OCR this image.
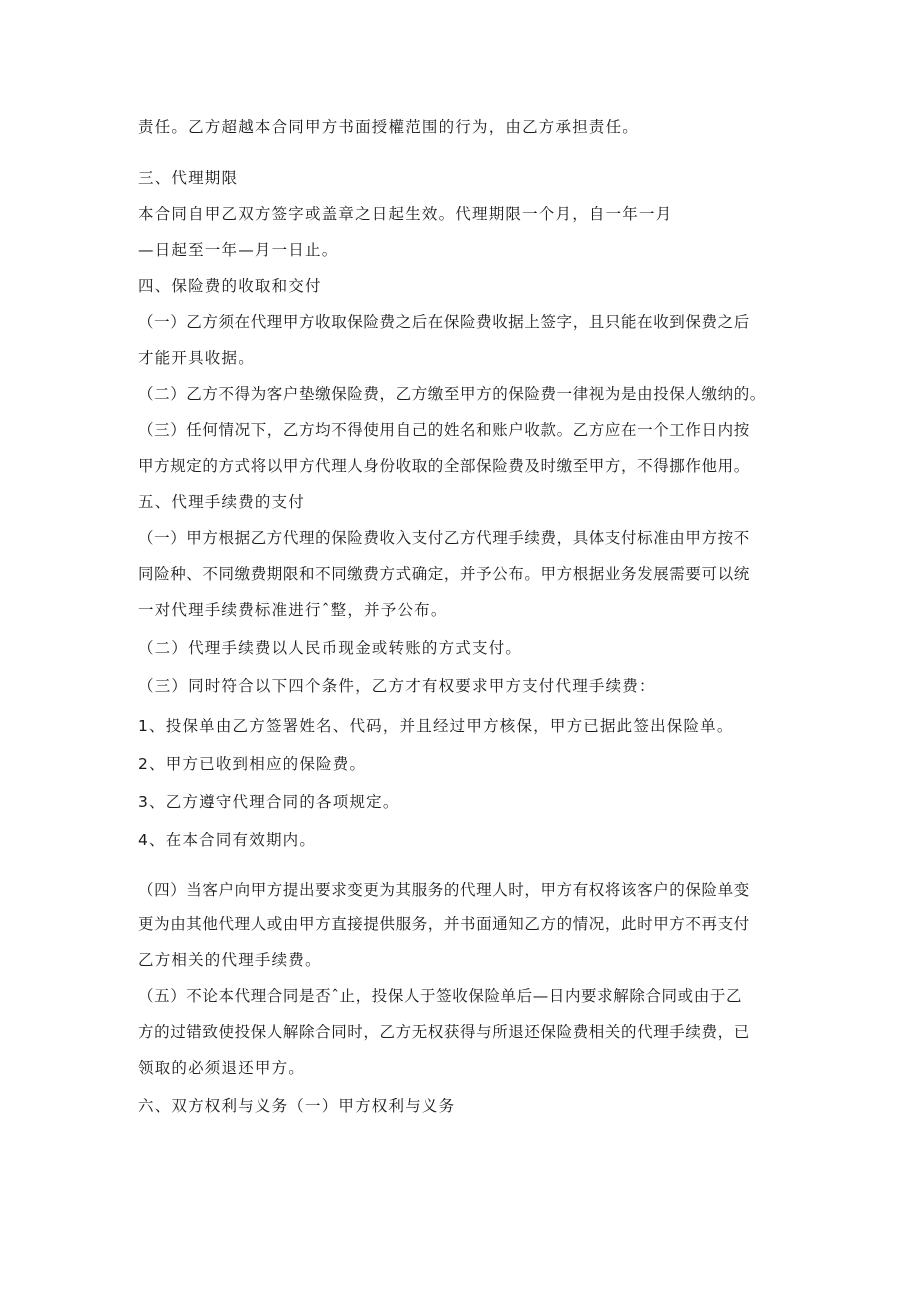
责任。乙方超越本合同甲方书面授權范围的行为，由乙方承担责任。
三、代理期限
本合同自甲乙双方签字或盖章之日起生效。代理期限一个月，自一年一月
—日起至一年—月一日止。
四、保险费的收取和交付
（一）乙方须在代理甲方收取保险费之后在保险费收据上签字，且只能在收到保费之后
才能开具收据。
（二）乙方不得为客户垫缴保险费，乙方缴至甲方的保险费一律视为是由投保人缴纳的。
（三）任何情况下，乙方均不得使用自己的姓名和账户收款。乙方应在一个工作日内按
甲方规定的方式将以甲方代理人身份收取的全部保险费及时缴至甲方，不得挪作他用。
五、代理手续费的支付
（一）甲方根据乙方代理的保险费收入支付乙方代理手续费，具体支付标准由甲方按不
同险种、不同缴费期限和不同缴费方式确定，并予公布。甲方根据业务发展需要可以统
一对代理手续费标准进行ˆ整，并予公布。
（二）代理手续费以人民币现金或转账的方式支付。
（三）同时符合以下四个条件，乙方才有权要求甲方支付代理手续费：
1、投保单由乙方签署姓名、代码，并且经过甲方核保，甲方已据此签出保险单。
2、甲方已收到相应的保险费。
3、乙方遵守代理合同的各项规定。
4、在本合同有效期内。
（四）当客户向甲方提出要求变更为其服务的代理人时，甲方有权将该客户的保险单变
更为由其他代理人或由甲方直接提供服务，并书面通知乙方的情况，此时甲方不再支付
乙方相关的代理手续费。
（五）不论本代理合同是否ˆ止，投保人于签收保险单后—日内要求解除合同或由于乙
方的过错致使投保人解除合同时，乙方无权获得与所退还保险费相关的代理手续费，已
领取的必须退还甲方。
六、双方权利与义务（一）甲方权利与义务
